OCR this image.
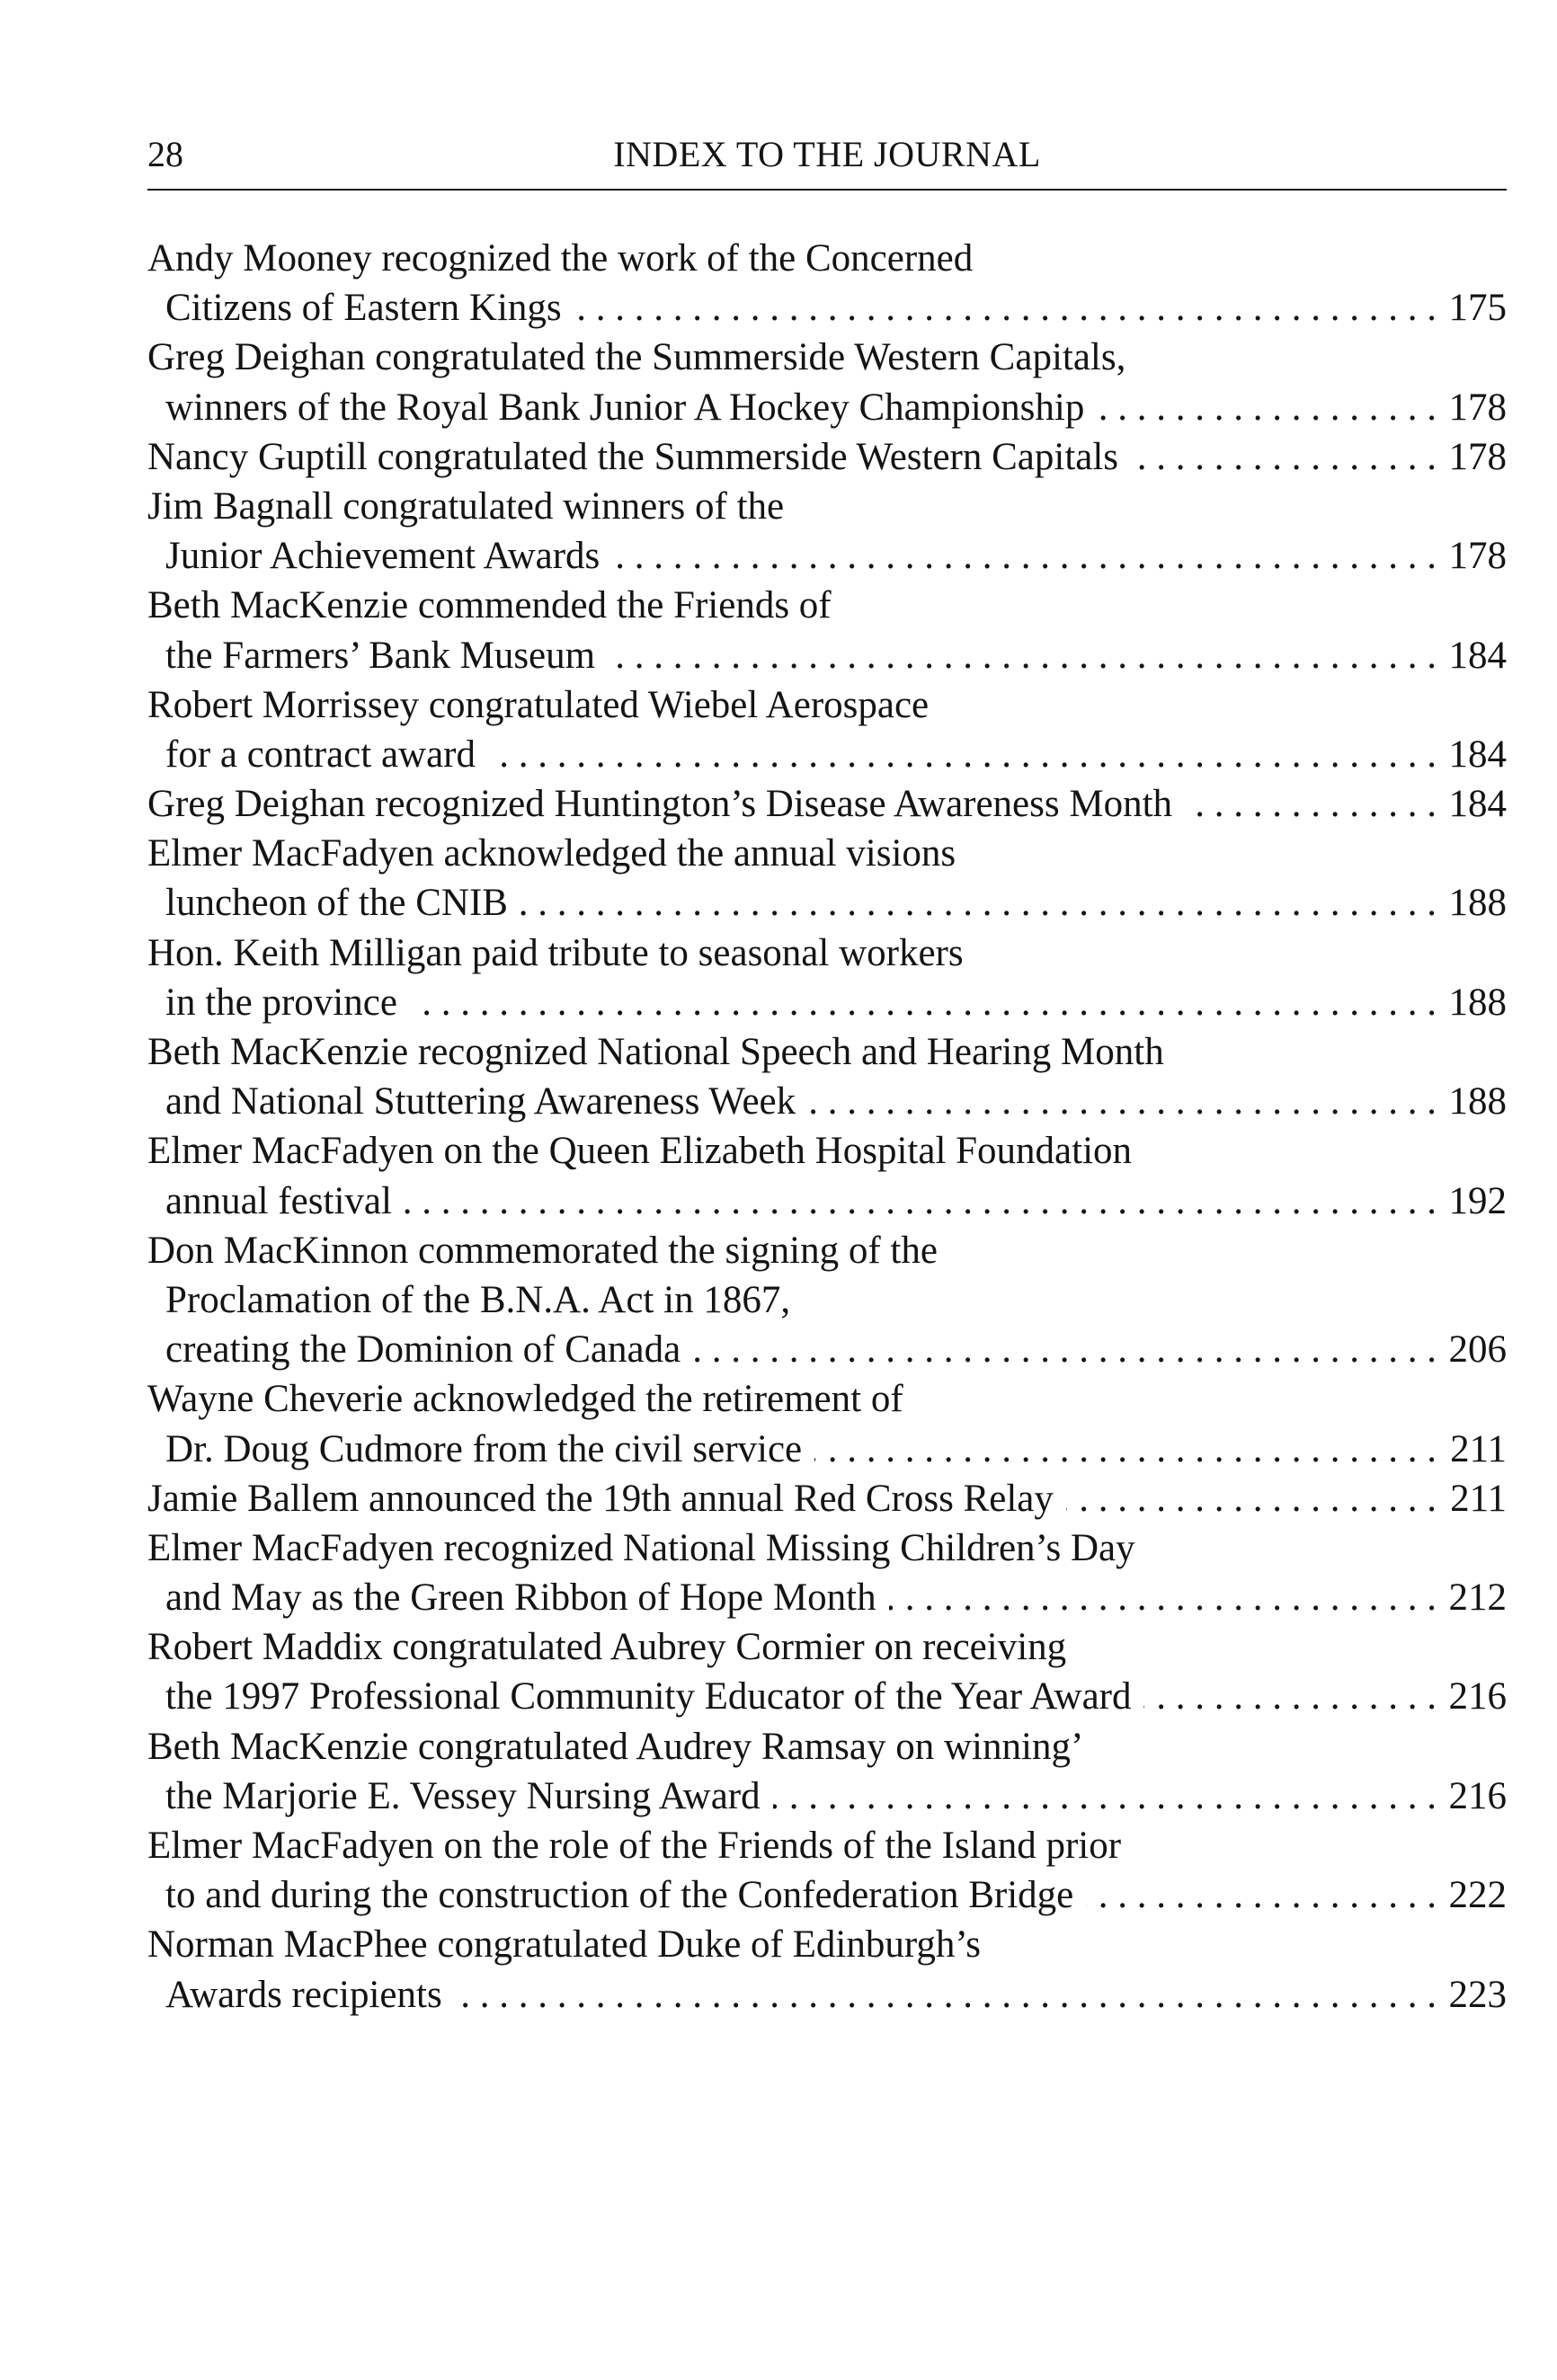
28	INDEX TO THE JOURNAL
Andy Mooney recognized the work of the Concerned
Citizens of Eastern Kings . . .	175
Greg Deighan congratulated the Summerside Western Capitals,
winners of the Royal Bank Junior A Hockey Championship . . .	178
Nancy Guptill congratulated the Summerside Western Capitals . . .	178
Jim Bagnall congratulated winners of the
Junior Achievement Awards . . .	178
Beth MacKenzie commended the Friends of
the Farmers’ Bank Museum . . .	184
Robert Morrissey congratulated Wiebel Aerospace
for a contract award . . .	184
Greg Deighan recognized Huntington’s Disease Awareness Month . . .	184
Elmer MacFadyen acknowledged the annual visions
luncheon of the CNIB . . .	188
Hon. Keith Milligan paid tribute to seasonal workers
in the province . . .	188
Beth MacKenzie recognized National Speech and Hearing Month
and National Stuttering Awareness Week . . .	188
Elmer MacFadyen on the Queen Elizabeth Hospital Foundation
annual festival . . .	192
Don MacKinnon commemorated the signing of the
Proclamation of the B.N.A. Act in 1867,
creating the Dominion of Canada . . .	206
Wayne Cheverie acknowledged the retirement of
Dr. Doug Cudmore from the civil service . . .	211
Jamie Ballem announced the 19th annual Red Cross Relay . . .	211
Elmer MacFadyen recognized National Missing Children’s Day
and May as the Green Ribbon of Hope Month . . .	212
Robert Maddix congratulated Aubrey Cormier on receiving
the 1997 Professional Community Educator of the Year Award . . .	216
Beth MacKenzie congratulated Audrey Ramsay on winning’
the Marjorie E. Vessey Nursing Award . . .	216
Elmer MacFadyen on the role of the Friends of the Island prior
to and during the construction of the Confederation Bridge . . .	222
Norman MacPhee congratulated Duke of Edinburgh’s
Awards recipients . . .	223
